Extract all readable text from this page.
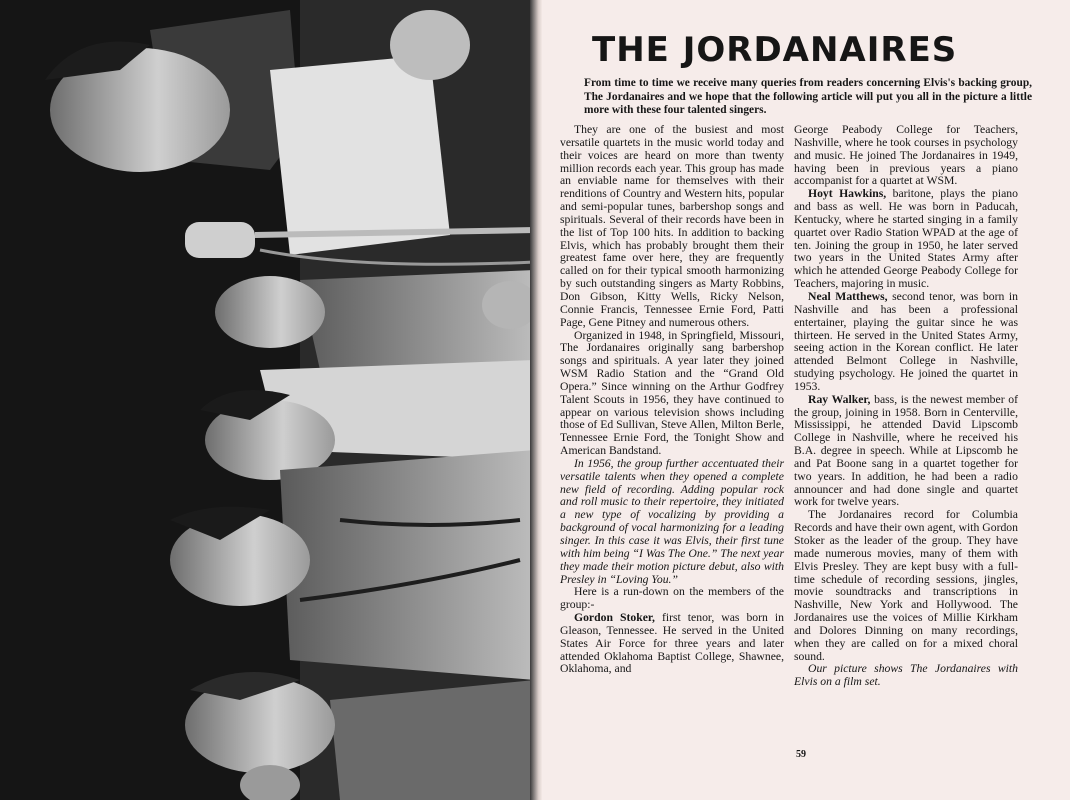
THE JORDANAIRES
From time to time we receive many queries from readers concerning Elvis's backing group, The Jordanaires and we hope that the following article will put you all in the picture a little more with these four talented singers.

They are one of the busiest and most versatile quartets in the music world today and their voices are heard on more than twenty million records each year. This group has made an enviable name for themselves with their renditions of Country and Western hits, popular and semi-popular tunes, barbershop songs and spirituals. Several of their records have been in the list of Top 100 hits. In addition to backing Elvis, which has probably brought them their greatest fame over here, they are frequently called on for their typical smooth harmonizing by such outstanding singers as Marty Robbins, Don Gibson, Kitty Wells, Ricky Nelson, Connie Francis, Tennessee Ernie Ford, Patti Page, Gene Pitney and numerous others.

Organized in 1948, in Springfield, Missouri, The Jordanaires originally sang barbershop songs and spirituals. A year later they joined WSM Radio Station and the “Grand Old Opera.” Since winning on the Arthur Godfrey Talent Scouts in 1956, they have continued to appear on various television shows including those of Ed Sullivan, Steve Allen, Milton Berle, Tennessee Ernie Ford, the Tonight Show and American Bandstand.

In 1956, the group further accentuated their versatile talents when they opened a complete new field of recording. Adding popular rock and roll music to their repertoire, they initiated a new type of vocalizing by providing a background of vocal harmonizing for a leading singer. In this case it was Elvis, their first tune with him being “I Was The One.” The next year they made their motion picture debut, also with Presley in “Loving You.”

Here is a run-down on the members of the group:-

Gordon Stoker, first tenor, was born in Gleason, Tennessee. He served in the United States Air Force for three years and later attended Oklahoma Baptist College, Shawnee, Oklahoma, and

George Peabody College for Teachers, Nashville, where he took courses in psychology and music. He joined The Jordanaires in 1949, having been in previous years a piano accompanist for a quartet at WSM.

Hoyt Hawkins, baritone, plays the piano and bass as well. He was born in Paducah, Kentucky, where he started singing in a family quartet over Radio Station WPAD at the age of ten. Joining the group in 1950, he later served two years in the United States Army after which he attended George Peabody College for Teachers, majoring in music.

Neal Matthews, second tenor, was born in Nashville and has been a professional entertainer, playing the guitar since he was thirteen. He served in the United States Army, seeing action in the Korean conflict. He later attended Belmont College in Nashville, studying psychology. He joined the quartet in 1953.

Ray Walker, bass, is the newest member of the group, joining in 1958. Born in Centerville, Mississippi, he attended David Lipscomb College in Nashville, where he received his B.A. degree in speech. While at Lipscomb he and Pat Boone sang in a quartet together for two years. In addition, he had been a radio announcer and had done single and quartet work for twelve years.

The Jordanaires record for Columbia Records and have their own agent, with Gordon Stoker as the leader of the group. They have made numerous movies, many of them with Elvis Presley. They are kept busy with a full-time schedule of recording sessions, jingles, movie soundtracks and transcriptions in Nashville, New York and Hollywood. The Jordanaires use the voices of Millie Kirkham and Dolores Dinning on many recordings, when they are called on for a mixed choral sound.

Our picture shows The Jordanaires with Elvis on a film set.

59
